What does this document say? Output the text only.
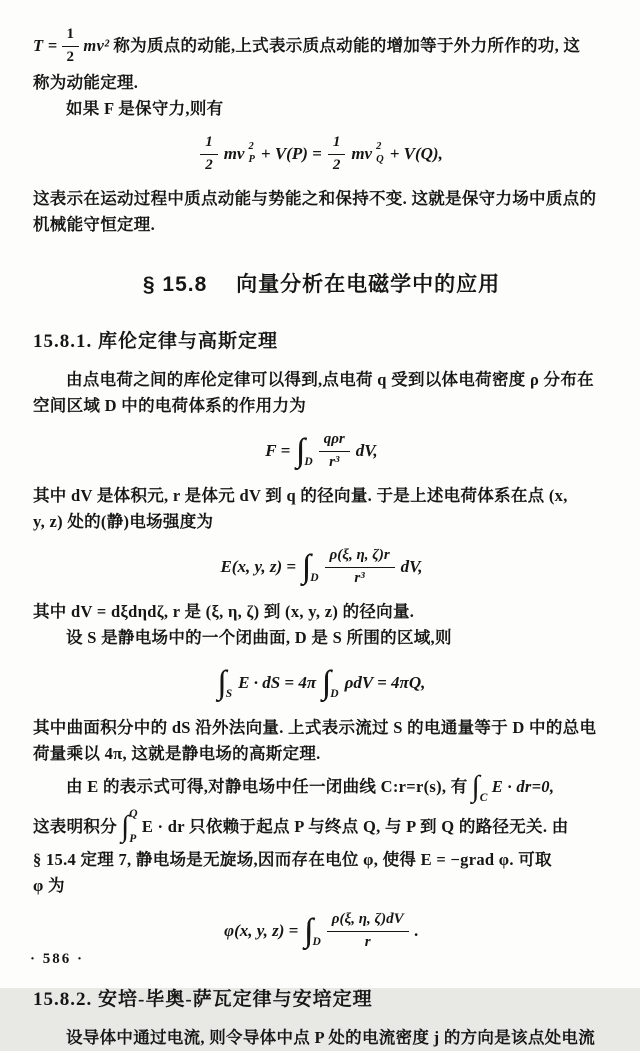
$T = \frac{1}{2} mv^2$ 称为质点的动能,上式表示质点动能的增加等于外力所作的功, 这
称为动能定理.
如果 F 是保守力,则有
$\frac{1}{2}$ mv 2
$P + V(P) = \frac{1}{2}$ mv 2
Q + V(Q),
这表示在运动过程中质点动能与势能之和保持不变. 这就是保守力场中质点的
机械能守恒定理.
§ 15.8 向量分析在电磁学中的应用
15.8.1. 库伦定律与高斯定理
由点电荷之间的库伦定律可以得到,点电荷 q 受到以体电荷密度 ρ 分布在
空间区域 D 中的电荷体系的作用力为
F = ∫∫∫ D $\frac{\text{qρr}}{\text{r³}}$ dV,
其中 dV 是体积元, r 是体元 dV 到 q 的径向量. 于是上述电荷体系在点 (x,
y, z) 处的(静)电场强度为
E(x, y, z) = ∫∫∫ D $\frac{\rho(\xi, \eta, \zeta)r}{\text{r³}}$ dV,
其中 dV = dξdηdζ, r 是 (ξ, η, ζ) 到 (x, y, z) 的径向量.
设 S 是静电场中的一个闭曲面, D 是 S 所围的区域,则
∫∫ S
E · dS = 4π ∫∫∫ D
ρdV = 4πQ,
其中曲面积分中的 dS 沿外法向量. 上式表示流过 S 的电通量等于 D 中的总电
荷量乘以 4π, 这就是静电场的高斯定理.
由 E 的表示式可得,对静电场中任一闭曲线 C:r=r(s), 有 ∫ C
E · dr=0,
这表明积分 ∫ Q
P
E · dr 只依赖于起点 P 与终点 Q, 与 P 到 Q 的路径无关. 由
§ 15.4 定理 7, 静电场是无旋场,因而存在电位 φ, 使得 E = −grad φ. 可取
φ 为
φ(x, y, z) = ∫∫∫ D $\frac{\rho(\xi, \eta, \zeta)dV}{r}$ .
15.8.2. 安培-毕奥-萨瓦定律与安培定理
设导体中通过电流, 则令导体中点 P 处的电流密度 j 的方向是该点处电流
· 586 ·
